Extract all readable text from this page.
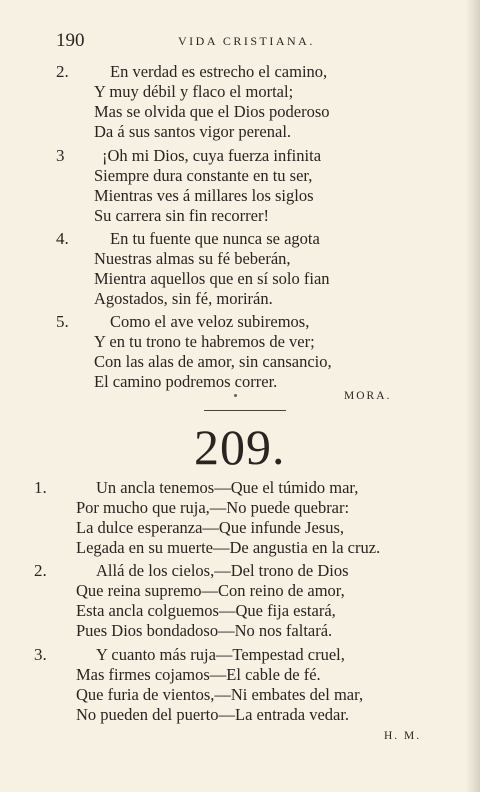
190	VIDA CRISTIANA.
2.	En verdad es estrecho el camino,
Y muy débil y flaco el mortal;
Mas se olvida que el Dios poderoso
Da á sus santos vigor perenal.
3 ¡Oh mi Dios, cuya fuerza infinita
Siempre dura constante en tu ser,
Mientras ves á millares los siglos
Su carrera sin fin recorrer!
4.	En tu fuente que nunca se agota
Nuestras almas su fé beberán,
Mientra aquellos que en sí solo fian
Agostados, sin fé, morirán.
5.	Como el ave veloz subiremos,
Y en tu trono te habremos de ver;
Con las alas de amor, sin cansancio,
El camino podremos correr.
MORA.
209.
1.	Un ancla tenemos—Que el túmido mar,
Por mucho que ruja,—No puede quebrar:
La dulce esperanza—Que infunde Jesus,
Legada en su muerte—De angustia en la cruz.
2.	Allá de los cielos,—Del trono de Dios
Que reina supremo—Con reino de amor,
Esta ancla colguemos—Que fija estará,
Pues Dios bondadoso—No nos faltará.
3.	Y cuanto más ruja—Tempestad cruel,
Mas firmes cojamos—El cable de fé.
Que furia de vientos,—Ni embates del mar,
No pueden del puerto—La entrada vedar.
H. M.
